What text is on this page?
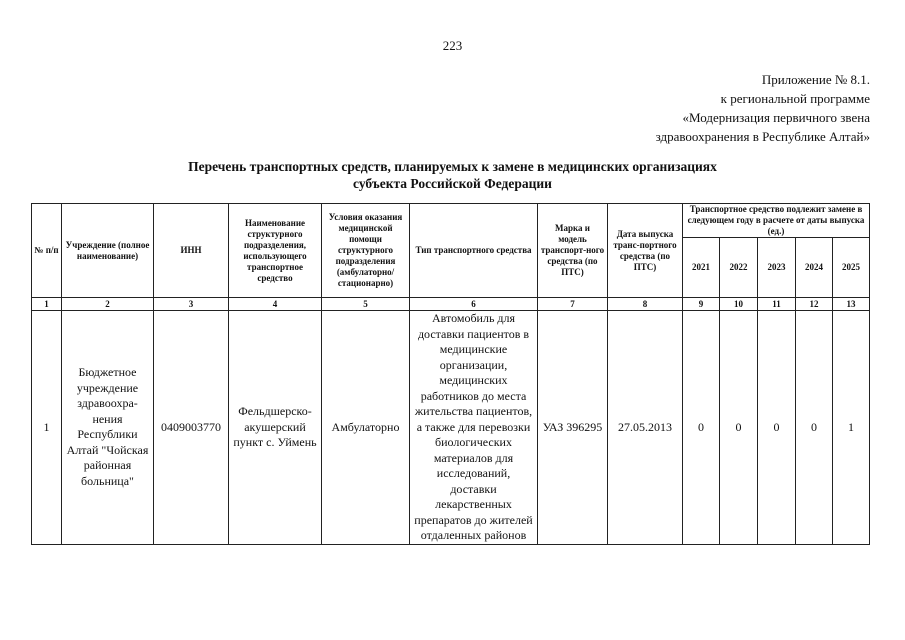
223
Приложение № 8.1.
к региональной программе
«Модернизация первичного звена
здравоохранения в Республике Алтай»
Перечень транспортных средств, планируемых к замене в медицинских организациях
субъекта Российской Федерации
№ п/п	Учреждение (полное наименование)	ИНН	Наименование структурного подразделения, использующего транспортное средство	Условия оказания медицинской помощи структурного подразделения (амбулаторно/ стационарно)	Тип транспортного средства	Марка и модель транспорт-ного средства (по ПТС)	Дата выпуска транс-портного средства (по ПТС)	Транспортное средство подлежит замене в следующем году в расчете от даты выпуска (ед.)				
								2021	2022	2023	2024	2025
1	2	3	4	5	6	7	8	9	10	11	12	13
1	Бюджетное учреждение здравоохра-нения Республики Алтай "Чойская районная больница"	0409003770	Фельдшерско-акушерский пункт с. Уймень	Амбулаторно	Автомобиль для доставки пациентов в медицинские организации, медицинских работников до места жительства пациентов, а также для перевозки биологических материалов для исследований, доставки лекарственных препаратов до жителей отдаленных районов	УАЗ 396295	27.05.2013	0	0	0	0	1
